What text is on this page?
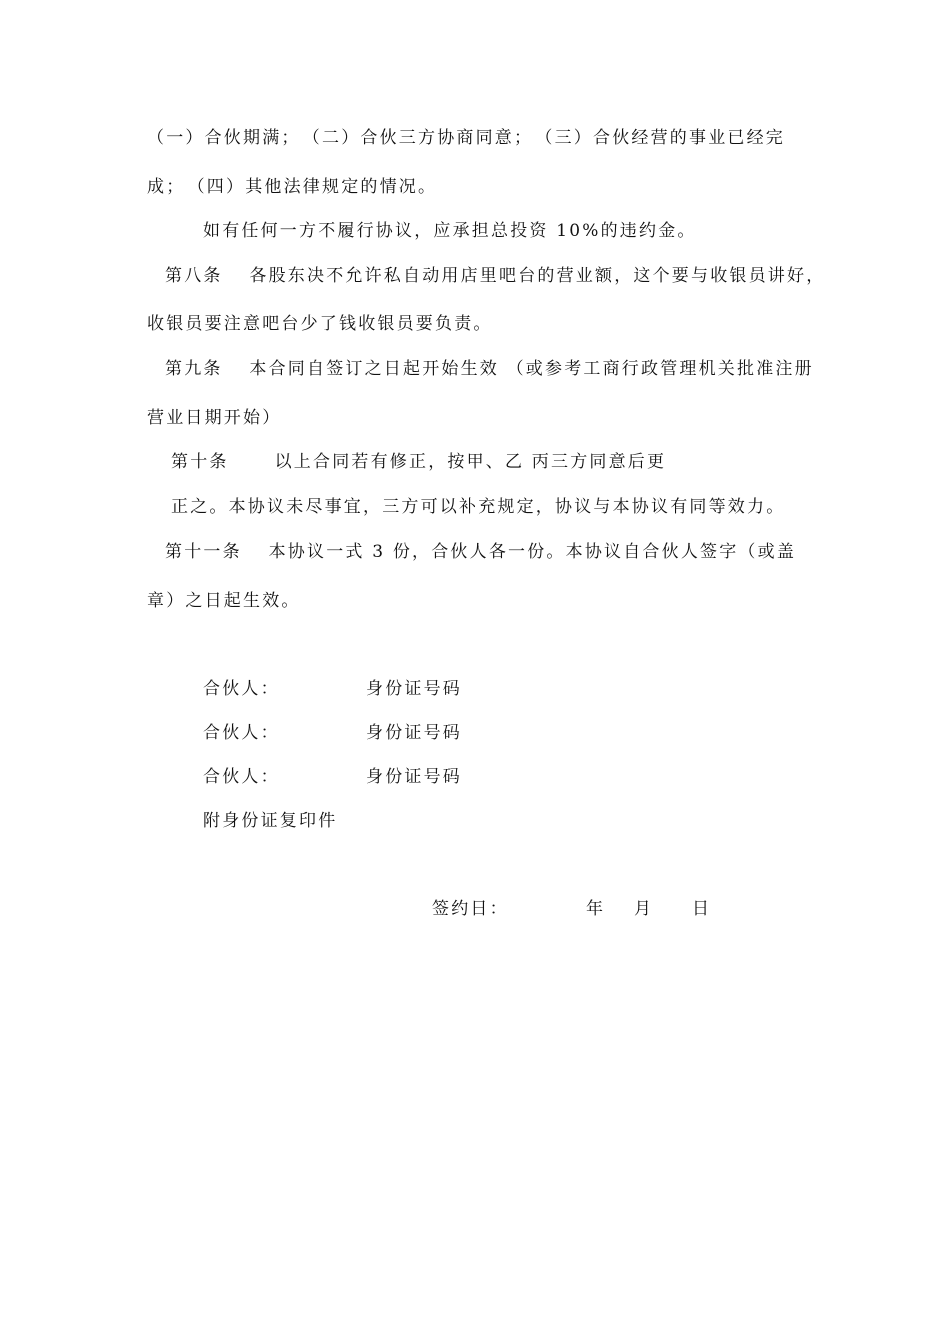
（一）合伙期满；　（二）合伙三方协商同意；　（三）合伙经营的事业已经完
成；　（四）其他法律规定的情况。
如有任何一方不履行协议，应承担总投资 10%的违约金。
第八条　 各股东决不允许私自动用店里吧台的营业额，这个要与收银员讲好，
收银员要注意吧台少了钱收银员要负责。
第九条　 本合同自签订之日起开始生效 （或参考工商行政管理机关批准注册
营业日期开始）
第十条　　 以上合同若有修正，按甲、乙 丙三方同意后更
正之。本协议未尽事宜，三方可以补充规定，协议与本协议有同等效力。
第十一条　 本协议一式 3 份，合伙人各一份。本协议自合伙人签字（或盖
章）之日起生效。
合伙人：	身份证号码
合伙人：	身份证号码
合伙人：	身份证号码
附身份证复印件
签约日：	年 月 日
